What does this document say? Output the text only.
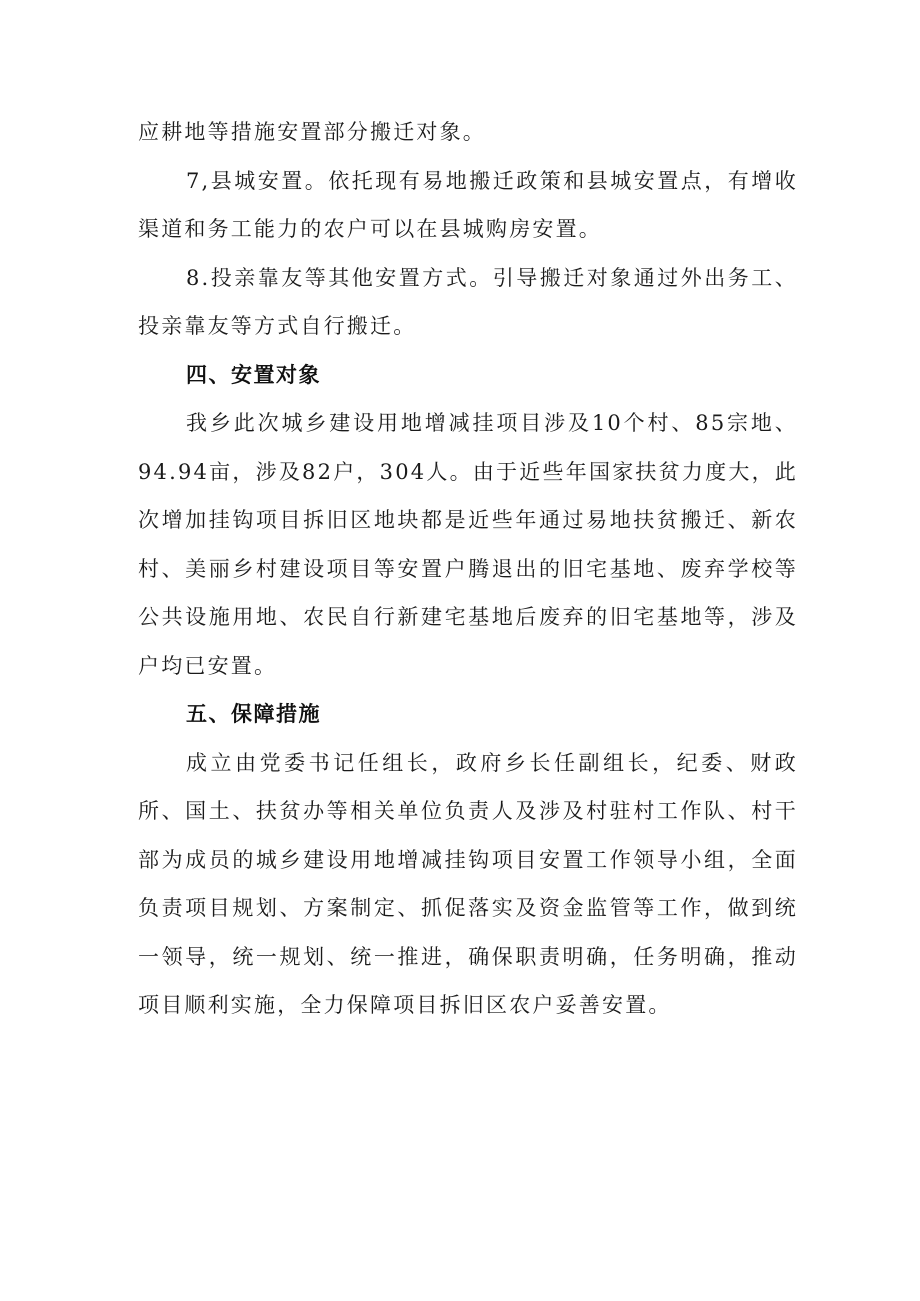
应耕地等措施安置部分搬迁对象。

7,县城安置。依托现有易地搬迁政策和县城安置点，有增收渠道和务工能力的农户可以在县城购房安置。

8.投亲靠友等其他安置方式。引导搬迁对象通过外出务工、投亲靠友等方式自行搬迁。

四、安置对象

我乡此次城乡建设用地增减挂项目涉及10个村、85宗地、94.94亩，涉及82户，304人。由于近些年国家扶贫力度大，此次增加挂钩项目拆旧区地块都是近些年通过易地扶贫搬迁、新农村、美丽乡村建设项目等安置户腾退出的旧宅基地、废弃学校等公共设施用地、农民自行新建宅基地后废弃的旧宅基地等，涉及户均已安置。

五、保障措施

成立由党委书记任组长，政府乡长任副组长，纪委、财政所、国土、扶贫办等相关单位负责人及涉及村驻村工作队、村干部为成员的城乡建设用地增减挂钩项目安置工作领导小组，全面负责项目规划、方案制定、抓促落实及资金监管等工作，做到统一领导，统一规划、统一推进，确保职责明确，任务明确，推动项目顺利实施，全力保障项目拆旧区农户妥善安置。
